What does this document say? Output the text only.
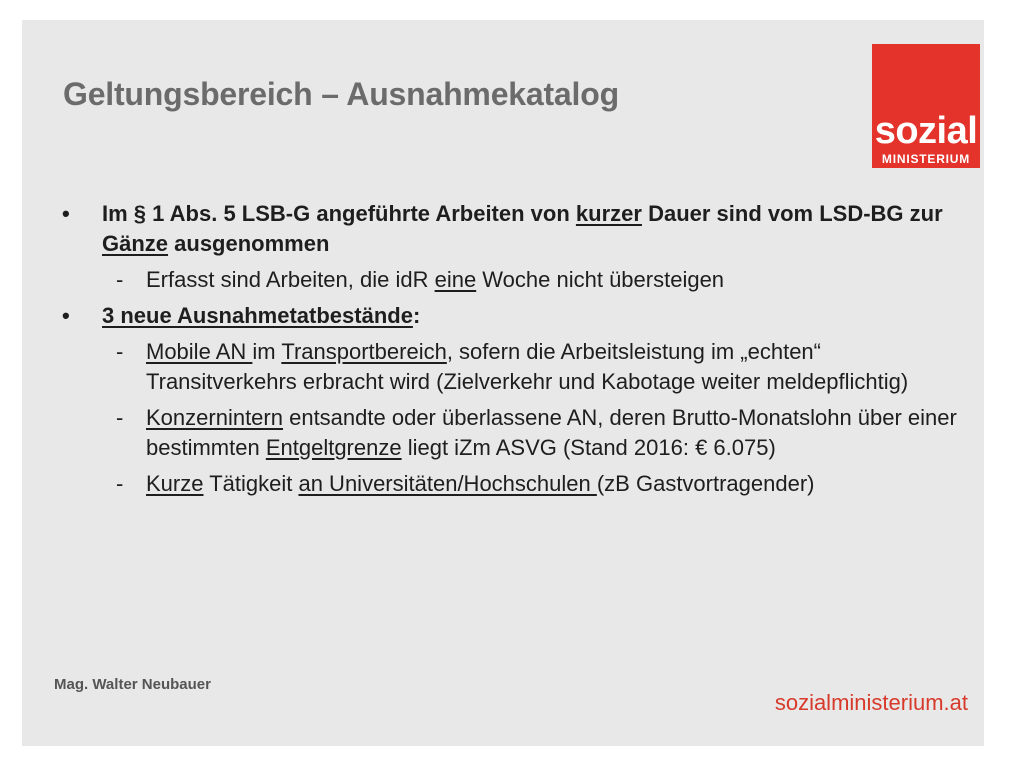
Geltungsbereich – Ausnahmekatalog
sozial
MINISTERIUM
• Im § 1 Abs. 5 LSB-G angeführte Arbeiten von kurzer Dauer sind vom LSD-BG zur Gänze ausgenommen
- Erfasst sind Arbeiten, die idR eine Woche nicht übersteigen
• 3 neue Ausnahmetatbestände:
- Mobile AN im Transportbereich, sofern die Arbeitsleistung im „echten“ Transitverkehrs erbracht wird (Zielverkehr und Kabotage weiter meldepflichtig)
- Konzernintern entsandte oder überlassene AN, deren Brutto-Monatslohn über einer bestimmten Entgeltgrenze liegt iZm ASVG (Stand 2016: € 6.075)
- Kurze Tätigkeit an Universitäten/Hochschulen (zB Gastvortragender)
Mag. Walter Neubauer
sozialministerium.at
